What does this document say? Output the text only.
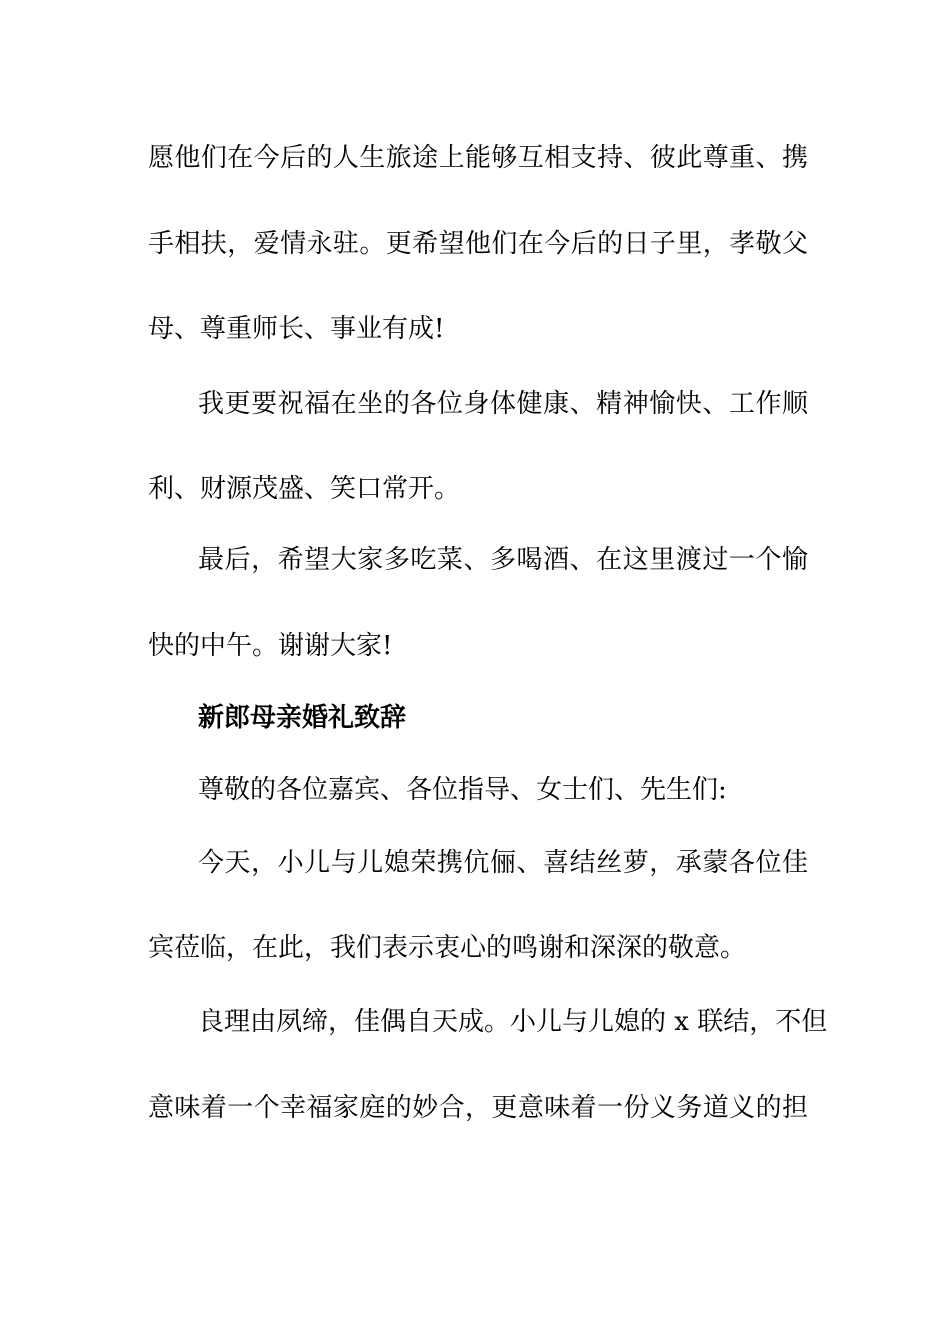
愿他们在今后的人生旅途上能够互相支持、彼此尊重、携
手相扶，爱情永驻。更希望他们在今后的日子里，孝敬父
母、尊重师长、事业有成!
我更要祝福在坐的各位身体健康、精神愉快、工作顺
利、财源茂盛、笑口常开。
最后，希望大家多吃菜、多喝酒、在这里渡过一个愉
快的中午。谢谢大家!
新郎母亲婚礼致辞
尊敬的各位嘉宾、各位指导、女士们、先生们:
今天，小儿与儿媳荣携伉俪、喜结丝萝，承蒙各位佳
宾莅临，在此，我们表示衷心的鸣谢和深深的敬意。
良理由夙缔，佳偶自天成。小儿与儿媳的 x 联结，不但
意味着一个幸福家庭的妙合，更意味着一份义务道义的担
